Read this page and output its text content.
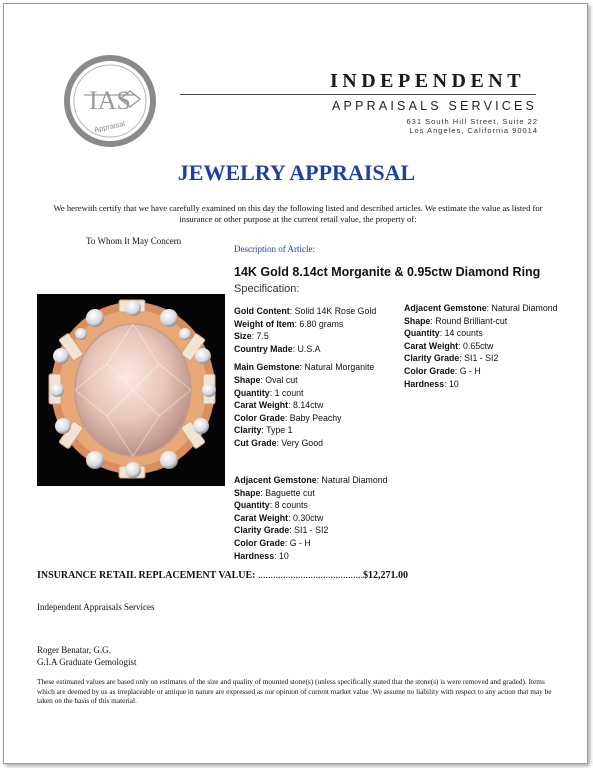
IAS
Appraisal
INDEPENDENT
APPRAISALS SERVICES
631 South Hill Street, Suite 22
Los Angeles, California 90014
JEWELRY APPRAISAL
We herewith certify that we have carefully examined on this day the following listed and described articles. We estimate the value as listed for insurance or other purpose at the current retail value, the property of:
To Whom It May Concern
Description of Article:
14K Gold 8.14ct Morganite & 0.95ctw Diamond Ring
Specification:
Gold Content: Solid 14K Rose Gold
Weight of Item: 6.80 grams
Size: 7.5
Country Made: U.S.A
Main Gemstone: Natural Morganite
Shape: Oval cut
Quantity: 1 count
Carat Weight: 8.14ctw
Color Grade: Baby Peachy
Clarity: Type 1
Cut Grade: Very Good
Adjacent Gemstone: Natural Diamond
Shape: Round Brilliant-cut
Quantity: 14 counts
Carat Weight: 0.65ctw
Clarity Grade: SI1 - SI2
Color Grade: G - H
Hardness: 10
Adjacent Gemstone: Natural Diamond
Shape: Baguette cut
Quantity: 8 counts
Carat Weight: 0.30ctw
Clarity Grade: SI1 - SI2
Color Grade: G - H
Hardness: 10
INSURANCE RETAIL REPLACEMENT VALUE: ..........................................$12,271.00
Independent Appraisals Services
Roger Benatar, G.G.
G.I.A Graduate Gemologist
These estimated values are based only on estimates of the size and quality of mounted stone(s) (unless specifically stated that the stone(s) is were removed and graded). Items which are deemed by us as irreplaceable or antique in nature are expressed as our opinion of current market value .We assume no liability with respect to any action that may be taken on the basis of this material.
